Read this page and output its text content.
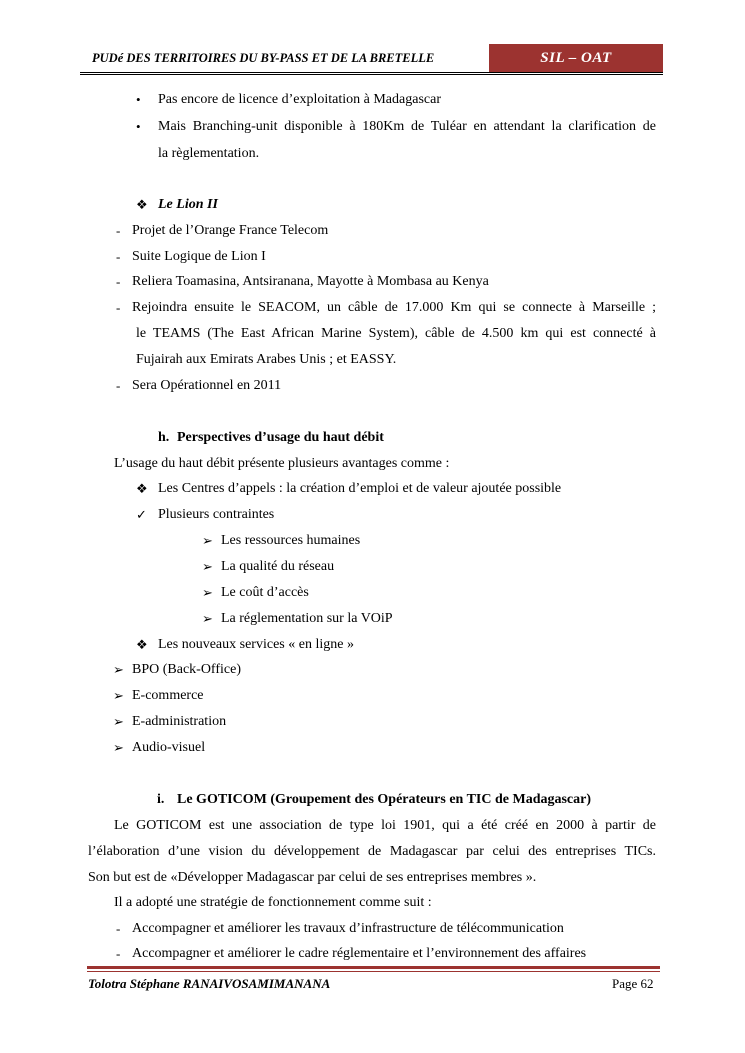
PUDé DES TERRITOIRES DU BY-PASS ET DE LA BRETELLE	SIL – OAT
• Pas encore de licence d’exploitation à Madagascar
• Mais Branching-unit disponible à 180Km de Tuléar en attendant la clarification de
la règlementation.
❖ Le Lion II
- Projet de l’Orange France Telecom
- Suite Logique de Lion I
- Reliera Toamasina, Antsiranana, Mayotte à Mombasa au Kenya
- Rejoindra ensuite le SEACOM, un câble de 17.000 Km qui se connecte à Marseille ;
le TEAMS (The East African Marine System), câble de 4.500 km qui est connecté à
Fujairah aux Emirats Arabes Unis ; et EASSY.
- Sera Opérationnel en 2011
h. Perspectives d’usage du haut débit
L’usage du haut débit présente plusieurs avantages comme :
❖ Les Centres d’appels : la création d’emploi et de valeur ajoutée possible
✓ Plusieurs contraintes
➢ Les ressources humaines
➢ La qualité du réseau
➢ Le coût d’accès
➢ La réglementation sur la VOiP
❖ Les nouveaux services « en ligne »
➢ BPO (Back-Office)
➢ E-commerce
➢ E-administration
➢ Audio-visuel
i. Le GOTICOM (Groupement des Opérateurs en TIC de Madagascar)
Le GOTICOM est une association de type loi 1901, qui a été créé en 2000 à partir de
l’élaboration d’une vision du développement de Madagascar par celui des entreprises TICs.
Son but est de «Développer Madagascar par celui de ses entreprises membres ».
Il a adopté une stratégie de fonctionnement comme suit :
- Accompagner et améliorer les travaux d’infrastructure de télécommunication
- Accompagner et améliorer le cadre réglementaire et l’environnement des affaires
Tolotra Stéphane RANAIVOSAMIMANANA	Page 62
